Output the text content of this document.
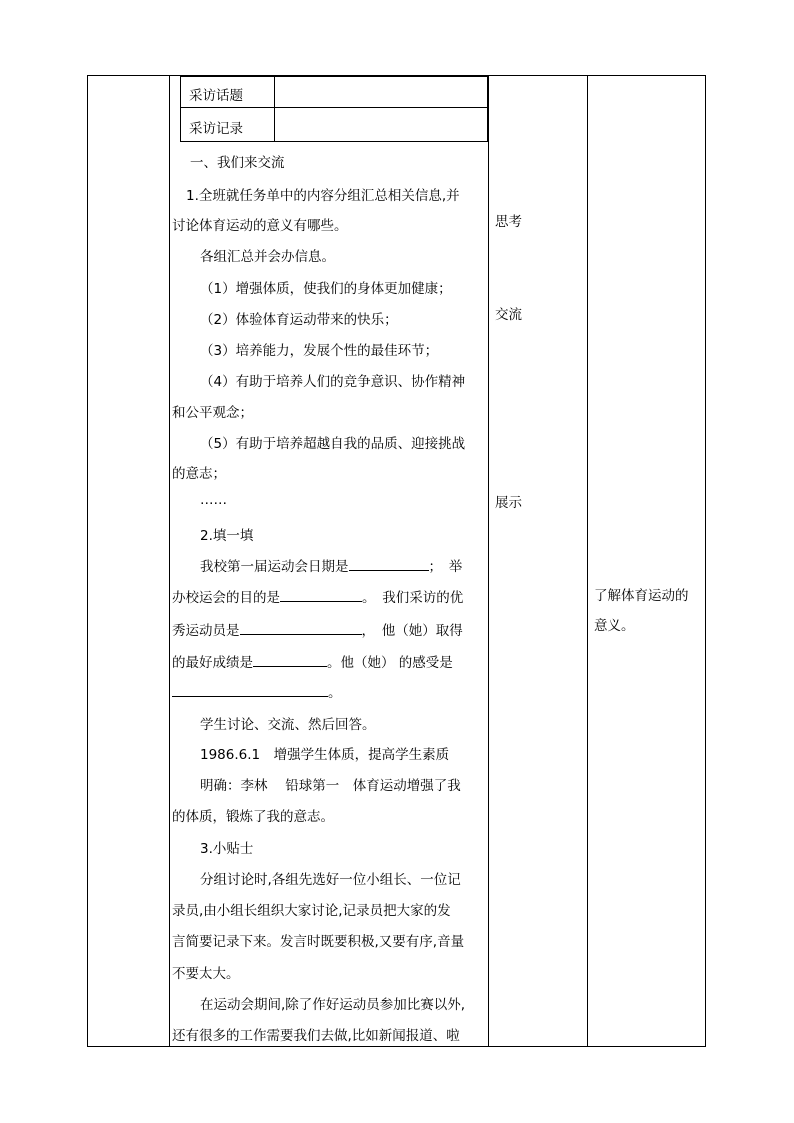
采访话题
采访记录
一、我们来交流
1.全班就任务单中的内容分组汇总相关信息,并
讨论体育运动的意义有哪些。
各组汇总并会办信息。
（1）增强体质，使我们的身体更加健康；
（2）体验体育运动带来的快乐；
（3）培养能力，发展个性的最佳环节；
（4）有助于培养人们的竞争意识、协作精神
和公平观念；
（5）有助于培养超越自我的品质、迎接挑战
的意志；
……
2.填一填
我校第一届运动会日期是	；　举
办校运会的目的是	。　我们采访的优
秀运动员是	，　他（她）取得
的最好成绩是	。他（她） 的感受是
。
学生讨论、交流、然后回答。
1986.6.1　增强学生体质，提高学生素质
明确：李林　 铅球第一　体育运动增强了我
的体质，锻炼了我的意志。
3.小贴士
分组讨论时,各组先选好一位小组长、一位记
录员,由小组长组织大家讨论,记录员把大家的发
言简要记录下来。发言时既要积极,又要有序,音量
不要太大。
在运动会期间,除了作好运动员参加比赛以外,
还有很多的工作需要我们去做,比如新闻报道、啦
思考
交流
展示
了解体育运动的
意义。
